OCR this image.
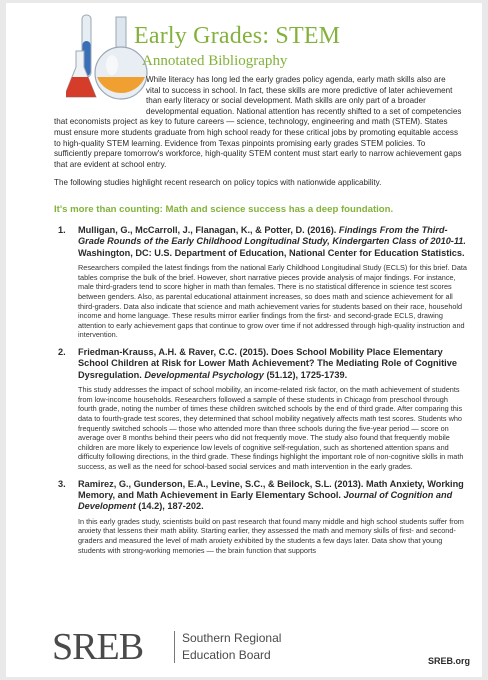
Early Grades: STEM
Annotated Bibliography

While literacy has long led the early grades policy agenda, early math skills also are vital to success in school. In fact, these skills are more predictive of later achievement than early literacy or social development. Math skills are only part of a broader developmental equation. National attention has recently shifted to a set of competencies that economists project as key to future careers — science, technology, engineering and math (STEM). States must ensure more students graduate from high school ready for these critical jobs by promoting equitable access to high-quality STEM learning. Evidence from Texas pinpoints promising early grades STEM policies. To sufficiently prepare tomorrow's workforce, high-quality STEM content must start early to narrow achievement gaps that are evident at school entry.

The following studies highlight recent research on policy topics with nationwide applicability.

It's more than counting: Math and science success has a deep foundation.
1. Mulligan, G., McCarroll, J., Flanagan, K., & Potter, D. (2016). Findings From the Third-Grade Rounds of the Early Childhood Longitudinal Study, Kindergarten Class of 2010-11. Washington, DC: U.S. Department of Education, National Center for Education Statistics.

Researchers compiled the latest findings from the national Early Childhood Longitudinal Study (ECLS) for this brief. Data tables comprise the bulk of the brief. However, short narrative pieces provide analysis of major findings. For instance, male third-graders tend to score higher in math than females. There is no statistical difference in science test scores between genders. Also, as parental educational attainment increases, so does math and science achievement for all third-graders. Data also indicate that science and math achievement varies for students based on their race, household income and home language. These results mirror earlier findings from the first- and second-grade ECLS, drawing attention to early achievement gaps that continue to grow over time if not addressed through high-quality instruction and intervention.

2. Friedman-Krauss, A.H. & Raver, C.C. (2015). Does School Mobility Place Elementary School Children at Risk for Lower Math Achievement? The Mediating Role of Cognitive Dysregulation. Developmental Psychology (51.12), 1725-1739.

This study addresses the impact of school mobility, an income-related risk factor, on the math achievement of students from low-income households. Researchers followed a sample of these students in Chicago from preschool through fourth grade, noting the number of times these children switched schools by the end of third grade. After comparing this data to fourth-grade test scores, they determined that school mobility negatively affects math test scores. Students who frequently switched schools — those who attended more than three schools during the five-year period — score on average over 8 months behind their peers who did not frequently move. The study also found that frequently mobile children are more likely to experience low levels of cognitive self-regulation, such as shortened attention spans and difficulty following directions, in the third grade. These findings highlight the important role of non-cognitive skills in math success, as well as the need for school-based social services and math intervention in the early grades.

3. Ramirez, G., Gunderson, E.A., Levine, S.C., & Beilock, S.L. (2013). Math Anxiety, Working Memory, and Math Achievement in Early Elementary School. Journal of Cognition and Development (14.2), 187-202.

In this early grades study, scientists build on past research that found many middle and high school students suffer from anxiety that lessens their math ability. Starting earlier, they assessed the math and memory skills of first- and second-graders and measured the level of math anxiety exhibited by the students a few days later. Data show that young students with strong-working memories — the brain function that supports

SREB	Southern Regional
Education Board	SREB.org
